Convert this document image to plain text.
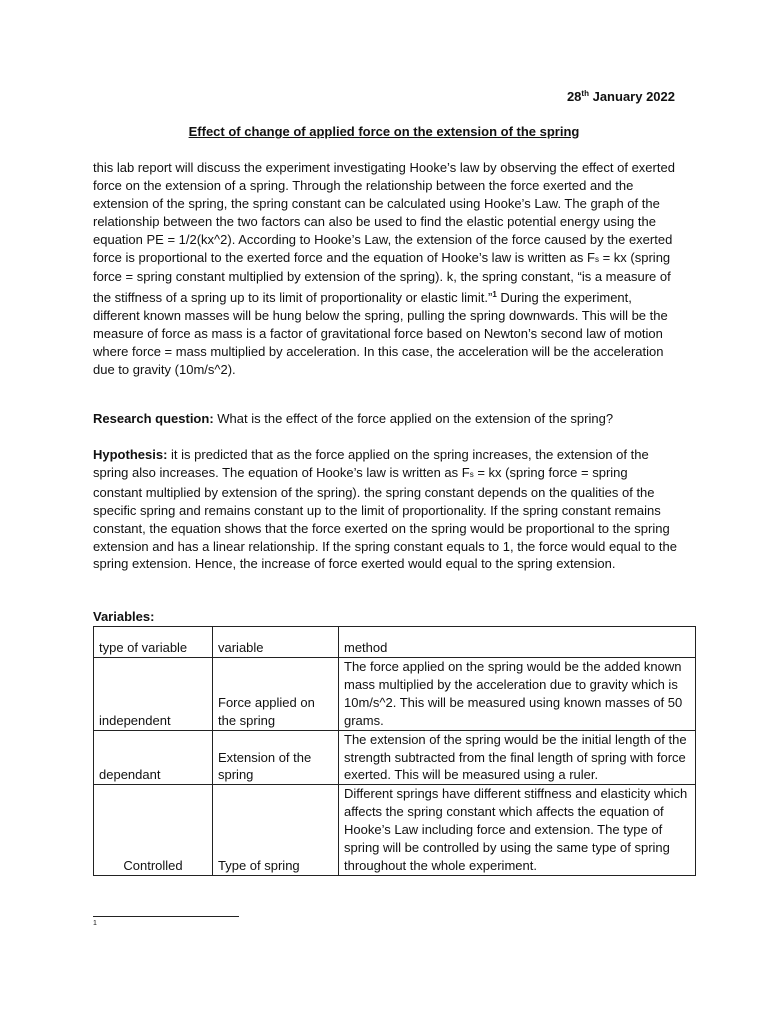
28th January 2022
Effect of change of applied force on the extension of the spring

this lab report will discuss the experiment investigating Hooke’s law by observing the effect of exerted force on the extension of a spring. Through the relationship between the force exerted and the extension of the spring, the spring constant can be calculated using Hooke’s Law. The graph of the relationship between the two factors can also be used to find the elastic potential energy using the equation PE = 1/2(kx^2). According to Hooke’s Law, the extension of the force caused by the exerted force is proportional to the exerted force and the equation of Hooke’s law is written as Fs = kx (spring force = spring constant multiplied by extension of the spring). k, the spring constant, “is a measure of the stiffness of a spring up to its limit of proportionality or elastic limit.”$^1$ During the experiment, different known masses will be hung below the spring, pulling the spring downwards. This will be the measure of force as mass is a factor of gravitational force based on Newton’s second law of motion where force = mass multiplied by acceleration. In this case, the acceleration will be the acceleration due to gravity (10m/s^2).

Research question: What is the effect of the force applied on the extension of the spring?

Hypothesis: it is predicted that as the force applied on the spring increases, the extension of the spring also increases. The equation of Hooke’s law is written as Fs = kx (spring force = spring constant multiplied by extension of the spring). the spring constant depends on the qualities of the specific spring and remains constant up to the limit of proportionality. If the spring constant remains constant, the equation shows that the force exerted on the spring would be proportional to the spring extension and has a linear relationship. If the spring constant equals to 1, the force would equal to the spring extension. Hence, the increase of force exerted would equal to the spring extension.

Variables:

type of variable	variable	method
independent	Force applied on the spring	The force applied on the spring would be the added known mass multiplied by the acceleration due to gravity which is 10m/s^2. This will be measured using known masses of 50 grams.
dependant	Extension of the spring	The extension of the spring would be the initial length of the strength subtracted from the final length of spring with force exerted. This will be measured using a ruler.
Controlled	Type of spring	Different springs have different stiffness and elasticity which affects the spring constant which affects the equation of Hooke’s Law including force and extension. The type of spring will be controlled by using the same type of spring throughout the whole experiment.
1
